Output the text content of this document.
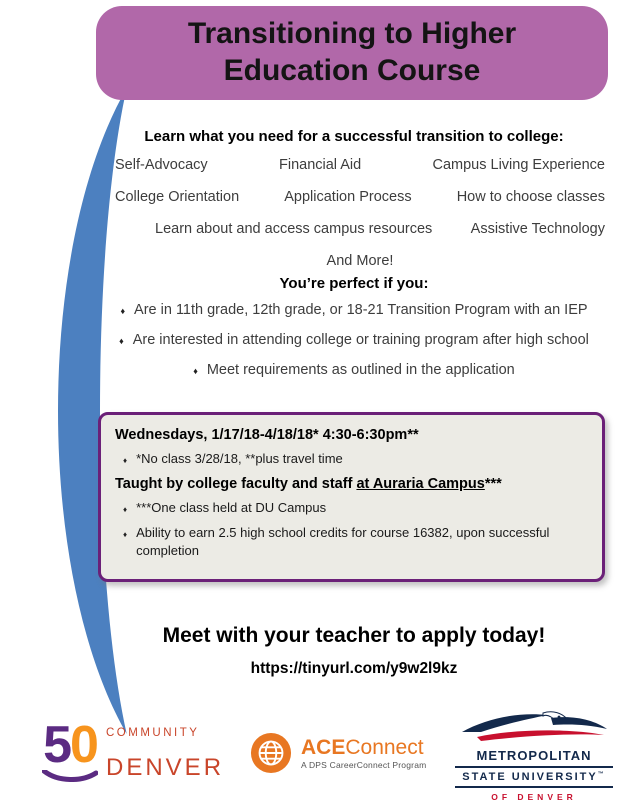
Transitioning to Higher
Education Course
Learn what you need for a successful transition to college:
Self-Advocacy	Financial Aid	Campus Living Experience
College Orientation	Application Process	How to choose classes
Learn about and access campus resources	Assistive Technology
And More!
You’re perfect if you:
♦ Are in 11th grade, 12th grade, or 18-21 Transition Program with an IEP
♦ Are interested in attending college or training program after high school
♦ Meet requirements as outlined in the application
Wednesdays, 1/17/18-4/18/18* 4:30-6:30pm**
♦ *No class 3/28/18, **plus travel time
Taught by college faculty and staff at Auraria Campus***
♦ ***One class held at DU Campus
♦ Ability to earn 2.5 high school credits for course 16382, upon successful completion
Meet with your teacher to apply today!
https://tinyurl.com/y9w2l9kz
50 COMMUNITY
DENVER
ACEConnect
A DPS CareerConnect Program
METROPOLITAN
STATE UNIVERSITY™
OF DENVER
